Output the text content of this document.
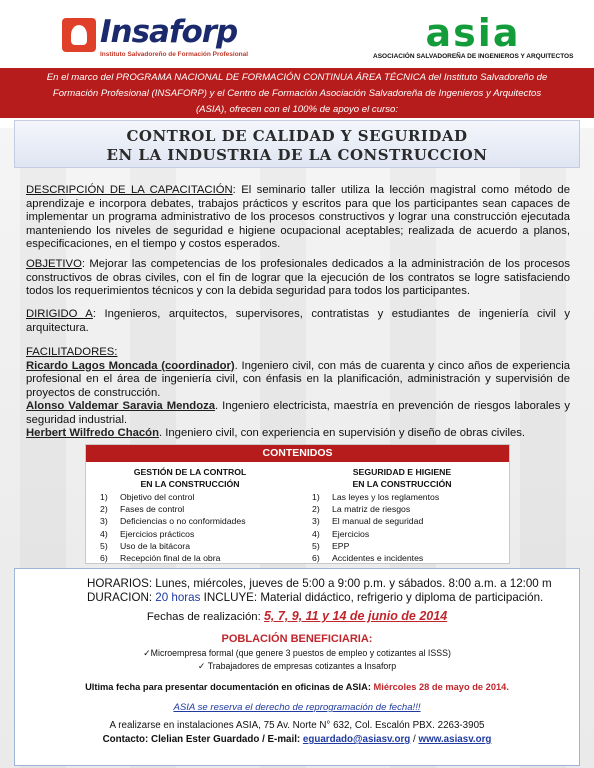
Insaforp
Instituto Salvadoreño de Formación Profesional	asia
ASOCIACIÓN SALVADOREÑA DE INGENIEROS Y ARQUITECTOS
En el marco del PROGRAMA NACIONAL DE FORMACIÓN CONTINUA ÁREA TÉCNICA del Instituto Salvadoreño de
Formación Profesional (INSAFORP) y el Centro de Formación Asociación Salvadoreña de Ingenieros y Arquitectos
(ASIA), ofrecen con el 100% de apoyo el curso:
CONTROL DE CALIDAD Y SEGURIDAD
EN LA INDUSTRIA DE LA CONSTRUCCION
DESCRIPCIÓN DE LA CAPACITACIÓN: El seminario taller utiliza la lección magistral como método de aprendizaje e incorpora debates, trabajos prácticos y escritos para que los participantes sean capaces de implementar un programa administrativo de los procesos constructivos y lograr una construcción ejecutada manteniendo los niveles de seguridad e higiene ocupacional aceptables; realizada de acuerdo a planos, especificaciones, en el tiempo y costos esperados.
OBJETIVO: Mejorar las competencias de los profesionales dedicados a la administración de los procesos constructivos de obras civiles, con el fin de lograr que la ejecución de los contratos se logre satisfaciendo todos los requerimientos técnicos y con la debida seguridad para todos los participantes.
DIRIGIDO A: Ingenieros, arquitectos, supervisores, contratistas y estudiantes de ingeniería civil y arquitectura.
FACILITADORES:
Ricardo Lagos Moncada (coordinador). Ingeniero civil, con más de cuarenta y cinco años de experiencia profesional en el área de ingeniería civil, con énfasis en la planificación, administración y supervisión de proyectos de construcción.
Alonso Valdemar Saravia Mendoza. Ingeniero electricista, maestría en prevención de riesgos laborales y seguridad industrial.
Herbert Wilfredo Chacón. Ingeniero civil, con experiencia en supervisión y diseño de obras civiles.
CONTENIDOS
GESTIÓN DE LA CONTROL
EN LA CONSTRUCCIÓN
1) Objetivo del control
2) Fases de control
3) Deficiencias o no conformidades
4) Ejercicios prácticos
5) Uso de la bitácora
6) Recepción final de la obra
SEGURIDAD E HIGIENE
EN LA CONSTRUCCIÓN
1) Las leyes y los reglamentos
2) La matriz de riesgos
3) El manual de seguridad
4) Ejercicios
5) EPP
6) Accidentes e incidentes
HORARIOS: Lunes, miércoles, jueves de 5:00 a 9:00 p.m. y sábados. 8:00 a.m. a 12:00 m
DURACION: 20 horas INCLUYE: Material didáctico, refrigerio y diploma de participación.
Fechas de realización: 5, 7, 9, 11 y 14 de junio de 2014
POBLACIÓN BENEFICIARIA:
✓Microempresa formal (que genere 3 puestos de empleo y cotizantes al ISSS)
✓ Trabajadores de empresas cotizantes a Insaforp
Ultima fecha para presentar documentación en oficinas de ASIA: Miércoles 28 de mayo de 2014.
ASIA se reserva el derecho de reprogramación de fecha!!!
A realizarse en instalaciones ASIA, 75 Av. Norte N° 632, Col. Escalón PBX. 2263-3905
Contacto: Clelian Ester Guardado / E-mail: eguardado@asiasv.org / www.asiasv.org
